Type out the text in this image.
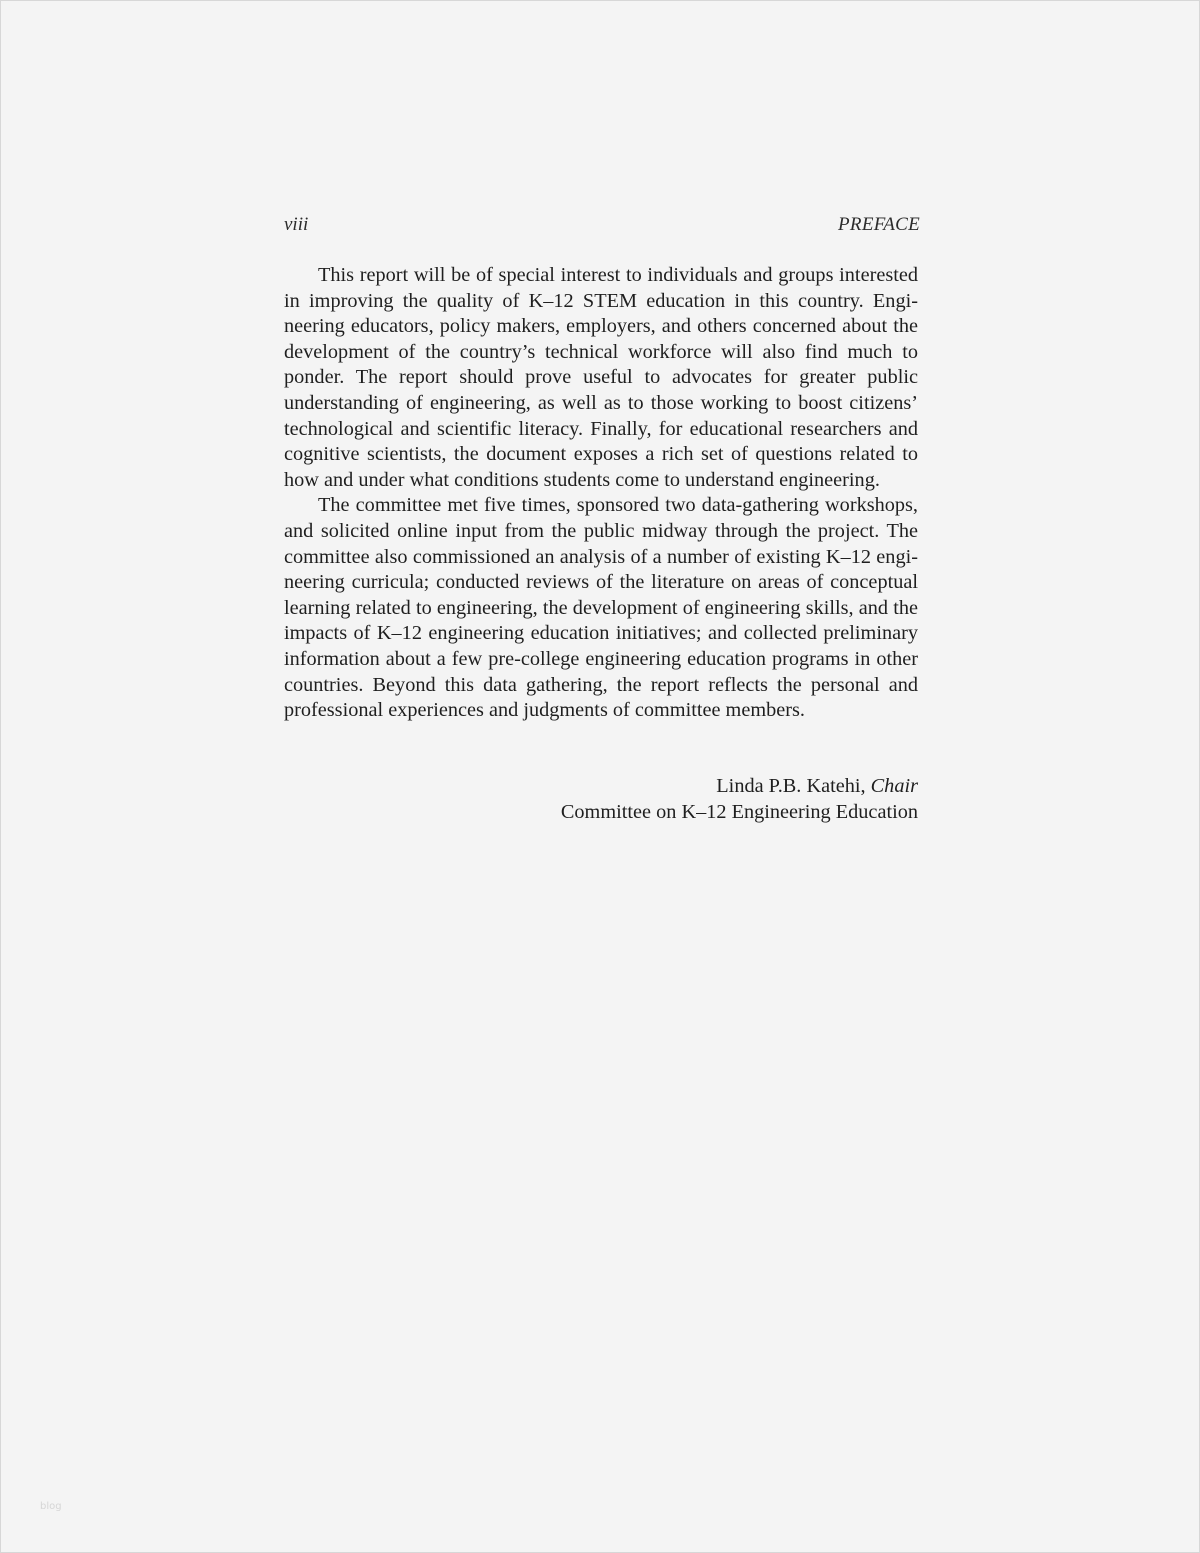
viii	PREFACE

This report will be of special interest to individuals and groups interested in improving the quality of K–12 STEM education in this country. Engineering educators, policy makers, employers, and others concerned about the development of the country’s technical workforce will also find much to ponder. The report should prove useful to advocates for greater public understanding of engineering, as well as to those working to boost citizens’ technological and scientific literacy. Finally, for educational researchers and cognitive scientists, the document exposes a rich set of questions related to how and under what conditions students come to understand engineering.

The committee met five times, sponsored two data-gathering workshops, and solicited online input from the public midway through the project. The committee also commissioned an analysis of a number of existing K–12 engineering curricula; conducted reviews of the literature on areas of conceptual learning related to engineering, the development of engineering skills, and the impacts of K–12 engineering education initiatives; and collected preliminary information about a few pre-college engineering education programs in other countries. Beyond this data gathering, the report reflects the personal and professional experiences and judgments of committee members.

Linda P.B. Katehi, Chair
Committee on K–12 Engineering Education
blog
